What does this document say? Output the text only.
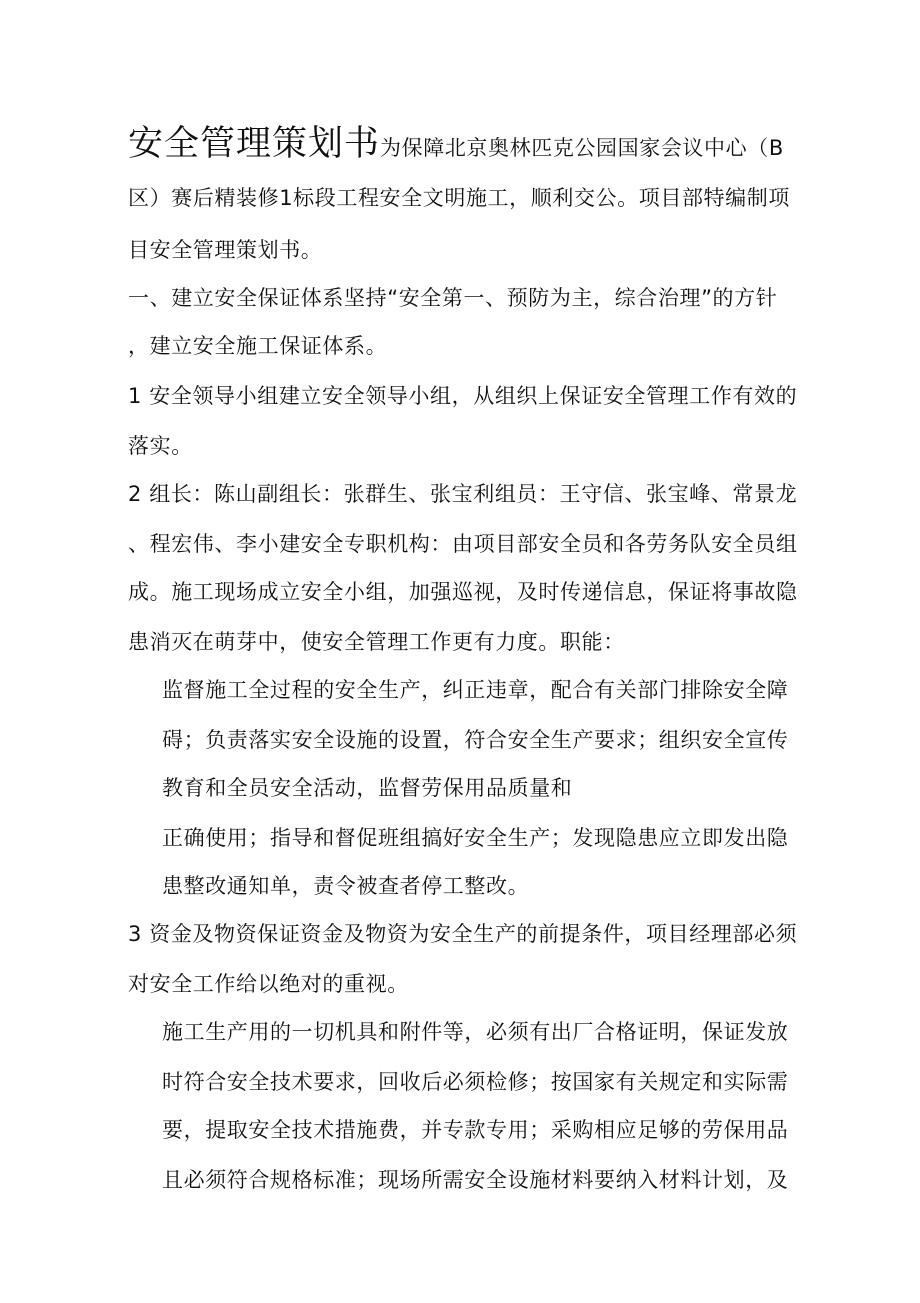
安全管理策划书为保障北京奥林匹克公园国家会议中心（B
区）赛后精装修1标段工程安全文明施工，顺利交公。项目部特编制项
目安全管理策划书。
一、建立安全保证体系坚持“安全第一、预防为主，综合治理”的方针
，建立安全施工保证体系。
1 安全领导小组建立安全领导小组，从组织上保证安全管理工作有效的
落实。
2 组长：陈山副组长：张群生、张宝利组员：王守信、张宝峰、常景龙
、程宏伟、李小建安全专职机构：由项目部安全员和各劳务队安全员组
成。施工现场成立安全小组，加强巡视，及时传递信息，保证将事故隐
患消灭在萌芽中，使安全管理工作更有力度。职能：
监督施工全过程的安全生产，纠正违章，配合有关部门排除安全障
碍；负责落实安全设施的设置，符合安全生产要求；组织安全宣传
教育和全员安全活动，监督劳保用品质量和
正确使用；指导和督促班组搞好安全生产；发现隐患应立即发出隐
患整改通知单，责令被查者停工整改。
3 资金及物资保证资金及物资为安全生产的前提条件，项目经理部必须
对安全工作给以绝对的重视。
施工生产用的一切机具和附件等，必须有出厂合格证明，保证发放
时符合安全技术要求，回收后必须检修；按国家有关规定和实际需
要，提取安全技术措施费，并专款专用；采购相应足够的劳保用品
且必须符合规格标准；现场所需安全设施材料要纳入材料计划，及
